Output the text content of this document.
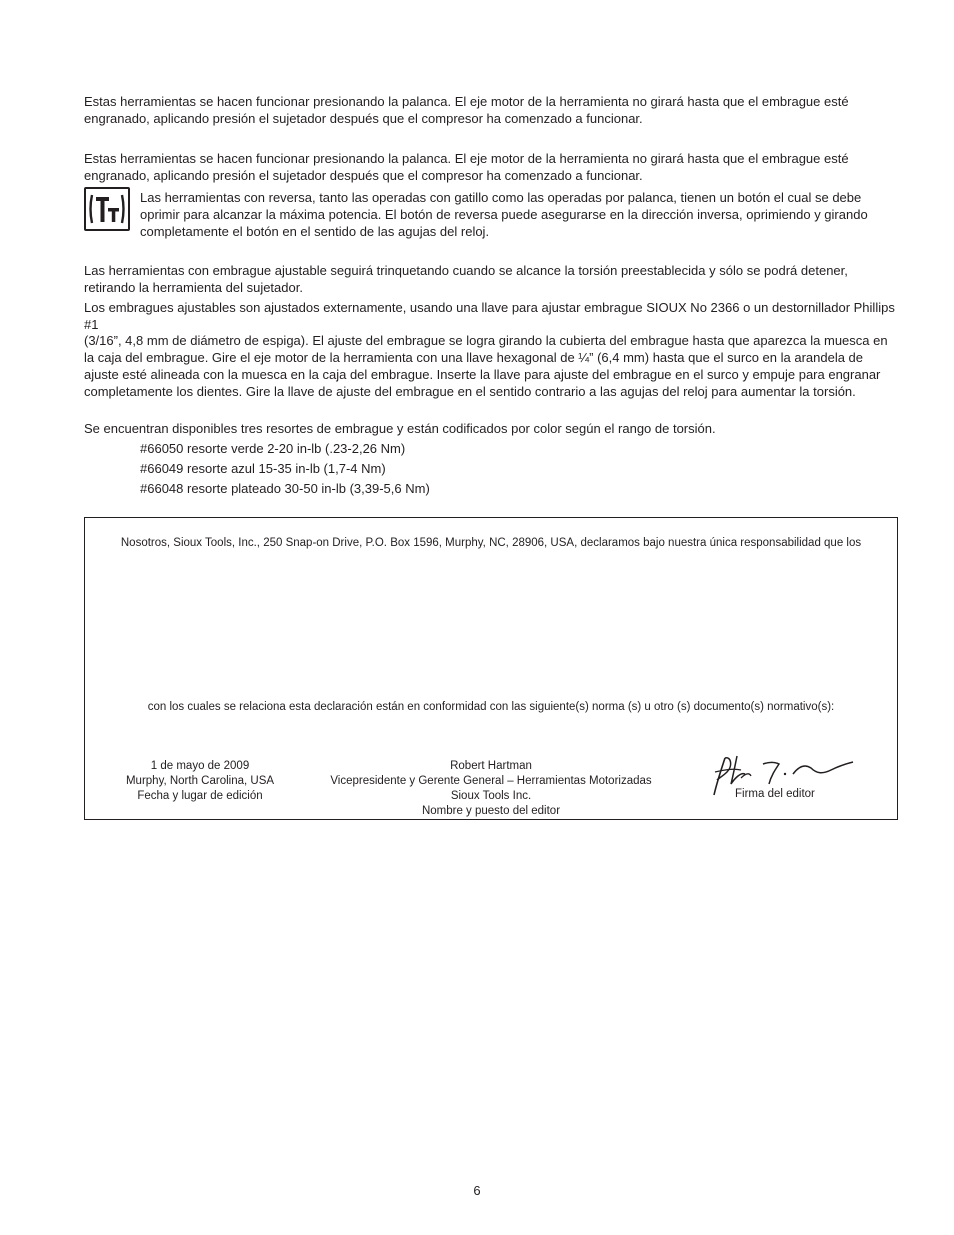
Estas herramientas se hacen funcionar presionando la palanca. El eje motor de la herramienta no girará hasta que el embrague esté engranado, aplicando presión el sujetador después que el compresor ha comenzado a funcionar.

Estas herramientas se hacen funcionar presionando la palanca. El eje motor de la herramienta no girará hasta que el embrague esté engranado, aplicando presión el sujetador después que el compresor ha comenzado a funcionar.

Las herramientas con reversa, tanto las operadas con gatillo como las operadas por palanca, tienen un botón el cual se debe oprimir para alcanzar la máxima potencia. El botón de reversa puede asegurarse en la dirección inversa, oprimiendo y girando completamente el botón en el sentido de las agujas del reloj.

Las herramientas con embrague ajustable seguirá trinquetando cuando se alcance la torsión preestablecida y sólo se podrá detener, retirando la herramienta del sujetador.

Los embragues ajustables son ajustados externamente, usando una llave para ajustar embrague SIOUX No 2366 o un destornillador Phillips #1

(3/16”, 4,8 mm de diámetro de espiga). El ajuste del embrague se logra girando la cubierta del embrague hasta que aparezca la muesca en la caja del embrague. Gire el eje motor de la herramienta con una llave hexagonal de ¼” (6,4 mm) hasta que el surco en la arandela de ajuste esté alineada con la muesca en la caja del embrague. Inserte la llave para ajuste del embrague en el surco y empuje para engranar completamente los dientes. Gire la llave de ajuste del embrague en el sentido contrario a las agujas del reloj para aumentar la torsión.

Se encuentran disponibles tres resortes de embrague y están codificados por color según el rango de torsión.

#66050 resorte verde 2-20 in-lb (.23-2,26 Nm)
#66049 resorte azul 15-35 in-lb (1,7-4 Nm)
#66048 resorte plateado 30-50 in-lb (3,39-5,6 Nm)
Nosotros, Sioux Tools, Inc., 250 Snap-on Drive, P.O. Box 1596, Murphy, NC, 28906, USA, declaramos bajo nuestra única responsabilidad que los
con los cuales se relaciona esta declaración están en conformidad con las siguiente(s) norma (s) u otro (s) documento(s) normativo(s):
1 de mayo de 2009
Murphy, North Carolina, USA
Fecha y lugar de edición
Robert Hartman
Vicepresidente y Gerente General – Herramientas Motorizadas
Sioux Tools Inc.
Nombre y puesto del editor
Firma del editor
6
